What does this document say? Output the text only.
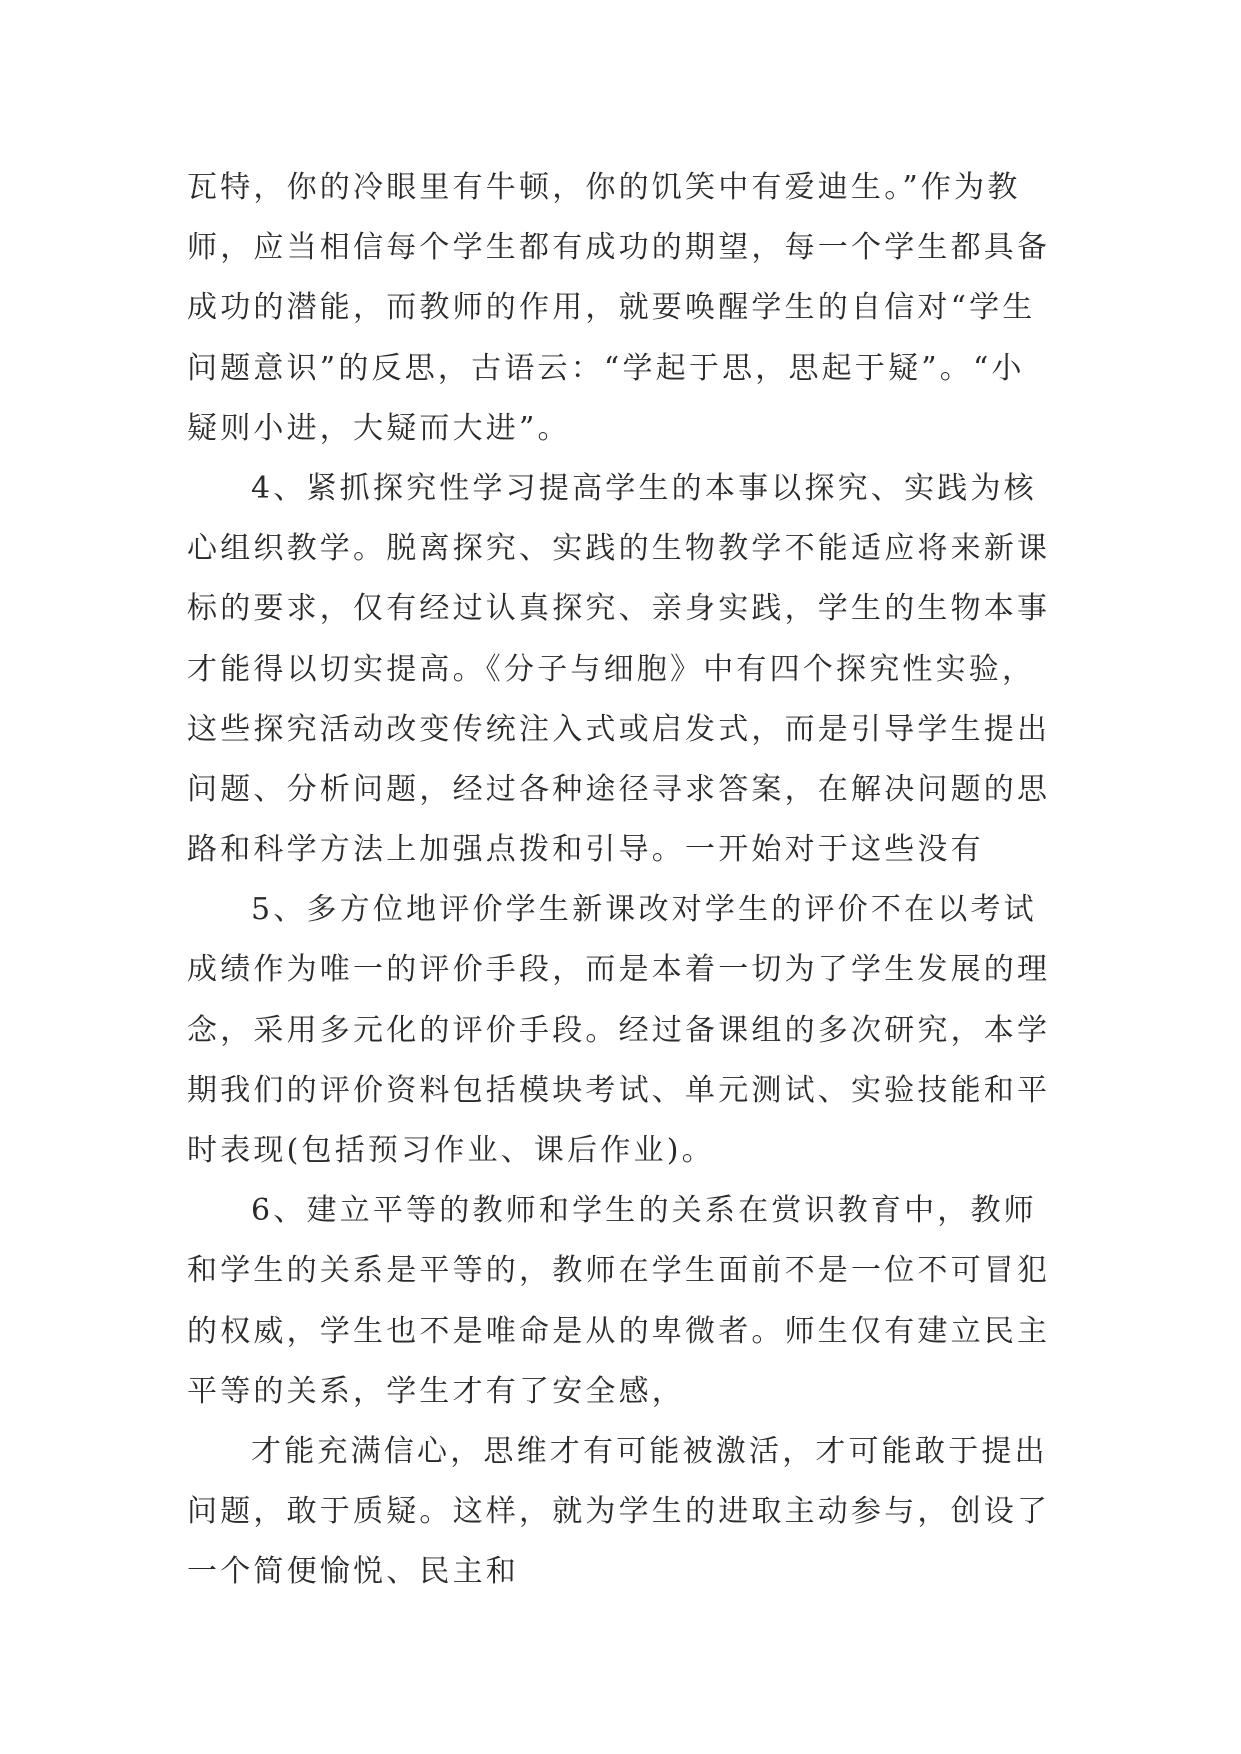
瓦特，你的冷眼里有牛顿，你的饥笑中有爱迪生。”作为教
师，应当相信每个学生都有成功的期望，每一个学生都具备
成功的潜能，而教师的作用，就要唤醒学生的自信对“学生
问题意识”的反思，古语云：“学起于思，思起于疑”。“小
疑则小进，大疑而大进”。
4、紧抓探究性学习提高学生的本事以探究、实践为核
心组织教学。脱离探究、实践的生物教学不能适应将来新课
标的要求，仅有经过认真探究、亲身实践，学生的生物本事
才能得以切实提高。《分子与细胞》中有四个探究性实验，
这些探究活动改变传统注入式或启发式，而是引导学生提出
问题、分析问题，经过各种途径寻求答案，在解决问题的思
路和科学方法上加强点拨和引导。一开始对于这些没有
5、多方位地评价学生新课改对学生的评价不在以考试
成绩作为唯一的评价手段，而是本着一切为了学生发展的理
念，采用多元化的评价手段。经过备课组的多次研究，本学
期我们的评价资料包括模块考试、单元测试、实验技能和平
时表现(包括预习作业、课后作业)。
6、建立平等的教师和学生的关系在赏识教育中，教师
和学生的关系是平等的，教师在学生面前不是一位不可冒犯
的权威，学生也不是唯命是从的卑微者。师生仅有建立民主
平等的关系，学生才有了安全感，
才能充满信心，思维才有可能被激活，才可能敢于提出
问题，敢于质疑。这样，就为学生的进取主动参与，创设了
一个简便愉悦、民主和
